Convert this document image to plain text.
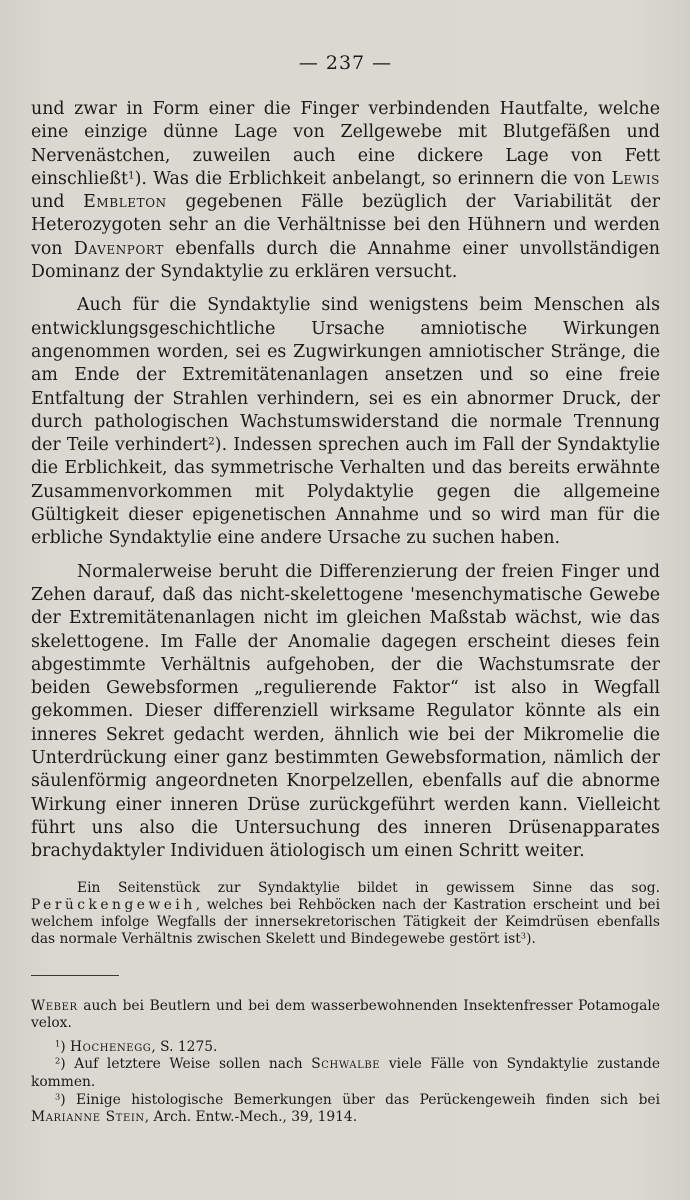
— 237 —

und zwar in Form einer die Finger verbindenden Hautfalte, welche eine einzige dünne Lage von Zellgewebe mit Blutgefäßen und Nervenästchen, zuweilen auch eine dickere Lage von Fett einschließt$^1$). Was die Erblichkeit anbelangt, so erinnern die von Lewis und Embleton gegebenen Fälle bezüglich der Variabilität der Heterozygoten sehr an die Verhältnisse bei den Hühnern und werden von Davenport ebenfalls durch die Annahme einer unvollständigen Dominanz der Syndaktylie zu erklären versucht.

Auch für die Syndaktylie sind wenigstens beim Menschen als entwicklungsgeschichtliche Ursache amniotische Wirkungen angenommen worden, sei es Zugwirkungen amniotischer Stränge, die am Ende der Extremitätenanlagen ansetzen und so eine freie Entfaltung der Strahlen verhindern, sei es ein abnormer Druck, der durch pathologischen Wachstumswiderstand die normale Trennung der Teile verhindert$^2$). Indessen sprechen auch im Fall der Syndaktylie die Erblichkeit, das symmetrische Verhalten und das bereits erwähnte Zusammenvorkommen mit Polydaktylie gegen die allgemeine Gültigkeit dieser epigenetischen Annahme und so wird man für die erbliche Syndaktylie eine andere Ursache zu suchen haben.

Normalerweise beruht die Differenzierung der freien Finger und Zehen darauf, daß das nicht-skelettogene 'mesenchymatische Gewebe der Extremitätenanlagen nicht im gleichen Maßstab wächst, wie das skelettogene. Im Falle der Anomalie dagegen erscheint dieses fein abgestimmte Verhältnis aufgehoben, der die Wachstumsrate der beiden Gewebsformen „regulierende Faktor“ ist also in Wegfall gekommen. Dieser differenziell wirksame Regulator könnte als ein inneres Sekret gedacht werden, ähnlich wie bei der Mikromelie die Unterdrückung einer ganz bestimmten Gewebsformation, nämlich der säulenförmig angeordneten Knorpelzellen, ebenfalls auf die abnorme Wirkung einer inneren Drüse zurückgeführt werden kann. Vielleicht führt uns also die Untersuchung des inneren Drüsenapparates brachydaktyler Individuen ätiologisch um einen Schritt weiter.

Ein Seitenstück zur Syndaktylie bildet in gewissem Sinne das sog. Perückengeweih, welches bei Rehböcken nach der Kastration erscheint und bei welchem infolge Wegfalls der innersekretorischen Tätigkeit der Keimdrüsen ebenfalls das normale Verhältnis zwischen Skelett und Bindegewebe gestört ist$^3$).

Weber auch bei Beutlern und bei dem wasserbewohnenden Insektenfresser Potamogale velox.

$^1$) Hochenegg, S. 1275.

$^2$) Auf letztere Weise sollen nach Schwalbe viele Fälle von Syndaktylie zustande kommen.

$^3$) Einige histologische Bemerkungen über das Perückengeweih finden sich bei Marianne Stein, Arch. Entw.-Mech., 39, 1914.
